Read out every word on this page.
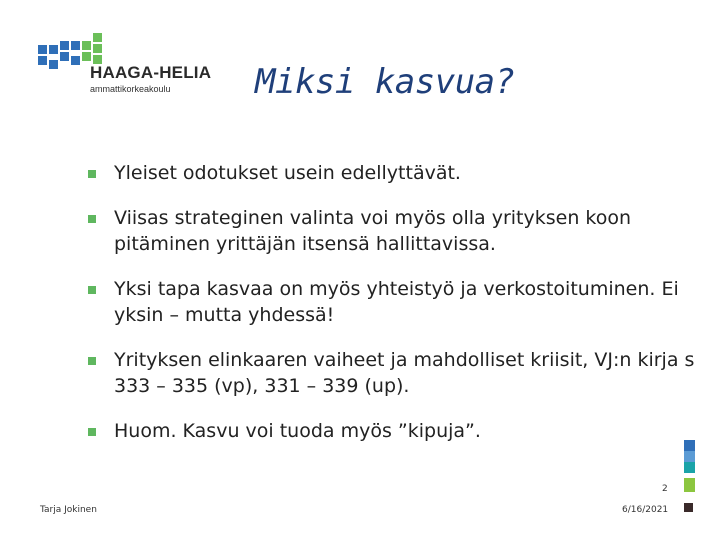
HAAGA-HELIA
ammattikorkeakoulu Miksi kasvua?
Yleiset odotukset usein edellyttävät.
Viisas strateginen valinta voi myös olla yrityksen koon pitäminen yrittäjän itsensä hallittavissa.
Yksi tapa kasvaa on myös yhteistyö ja verkostoituminen. Ei yksin – mutta yhdessä!
Yrityksen elinkaaren vaiheet ja mahdolliset kriisit, VJ:n kirja s 333 – 335 (vp), 331 – 339 (up).
Huom. Kasvu voi tuoda myös ”kipuja”.
2
Tarja Jokinen	6/16/2021
